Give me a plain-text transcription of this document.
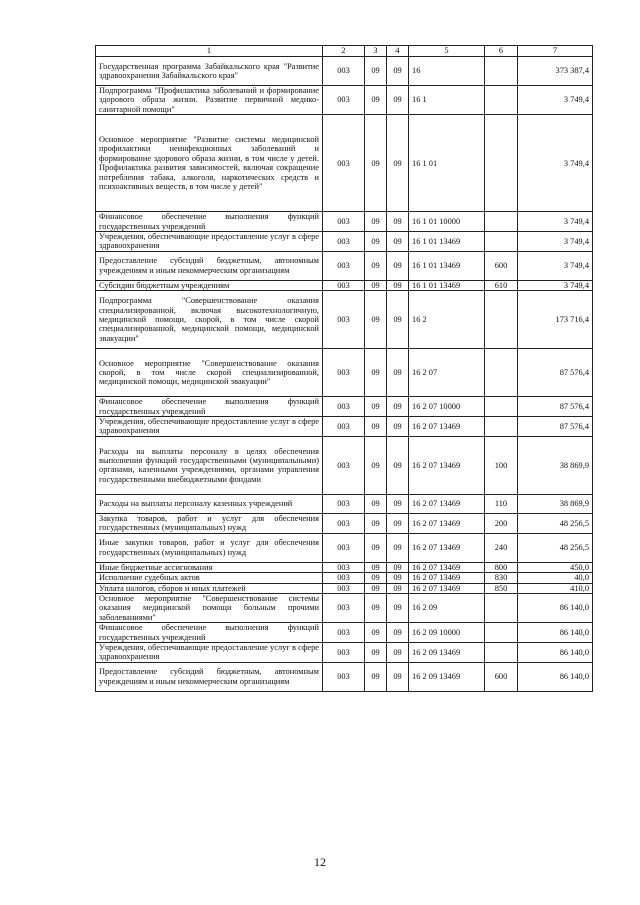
1	2	3	4	5	6	7
Государственная программа Забайкальского края "Развитие здравоохранения Забайкальского края"	003	09	09	16		373 387,4
Подпрограмма "Профилактика заболеваний и формирование здорового образа жизни. Развитие первичной медико-санитарной помощи"	003	09	09	16 1		3 749,4
Основное мероприятие "Развитие системы медицинской профилактики неинфекционных заболеваний и формирование здорового образа жизни, в том числе у детей. Профилактика развития зависимостей, включая сокращение потребления табака, алкоголя, наркотических средств и психоактивных веществ, в том числе у детей"	003	09	09	16 1 01		3 749,4
Финансовое обеспечение выполнения функций государственных учреждений	003	09	09	16 1 01 10000		3 749,4
Учреждения, обеспечивающие предоставление услуг в сфере здравоохранения	003	09	09	16 1 01 13469		3 749,4
Предоставление субсидий бюджетным, автономным учреждениям и иным некоммерческим организациям	003	09	09	16 1 01 13469	600	3 749,4
Субсидии бюджетным учреждениям	003	09	09	16 1 01 13469	610	3 749,4
Подпрограмма "Совершенствование оказания специализированной, включая высокотехнологичную, медицинской помощи, скорой, в том числе скорой специализированной, медицинской помощи, медицинской эвакуации"	003	09	09	16 2		173 716,4
Основное мероприятие "Совершенствование оказания скорой, в том числе скорой специализированной, медицинской помощи, медицинской эвакуации"	003	09	09	16 2 07		87 576,4
Финансовое обеспечение выполнения функций государственных учреждений	003	09	09	16 2 07 10000		87 576,4
Учреждения, обеспечивающие предоставление услуг в сфере здравоохранения	003	09	09	16 2 07 13469		87 576,4
Расходы на выплаты персоналу в целях обеспечения выполнения функций государственными (муниципальными) органами, казенными учреждениями, органами управления государственными внебюджетными фондами	003	09	09	16 2 07 13469	100	38 869,9
Расходы на выплаты персоналу казенных учреждений	003	09	09	16 2 07 13469	110	38 869,9
Закупка товаров, работ и услуг для обеспечения государственных (муниципальных) нужд	003	09	09	16 2 07 13469	200	48 256,5
Иные закупки товаров, работ и услуг для обеспечения государственных (муниципальных) нужд	003	09	09	16 2 07 13469	240	48 256,5
Иные бюджетные ассигнования	003	09	09	16 2 07 13469	800	450,0
Исполнение судебных актов	003	09	09	16 2 07 13469	830	40,0
Уплата налогов, сборов и иных платежей	003	09	09	16 2 07 13469	850	410,0
Основное мероприятие "Совершенствование системы оказания медицинской помощи больным прочими заболеваниями"	003	09	09	16 2 09		86 140,0
Финансовое обеспечение выполнения функций государственных учреждений	003	09	09	16 2 09 10000		86 140,0
Учреждения, обеспечивающие предоставление услуг в сфере здравоохранения	003	09	09	16 2 09 13469		86 140,0
Предоставление субсидий бюджетным, автономным учреждениям и иным некоммерческим организациям	003	09	09	16 2 09 13469	600	86 140,0
12
